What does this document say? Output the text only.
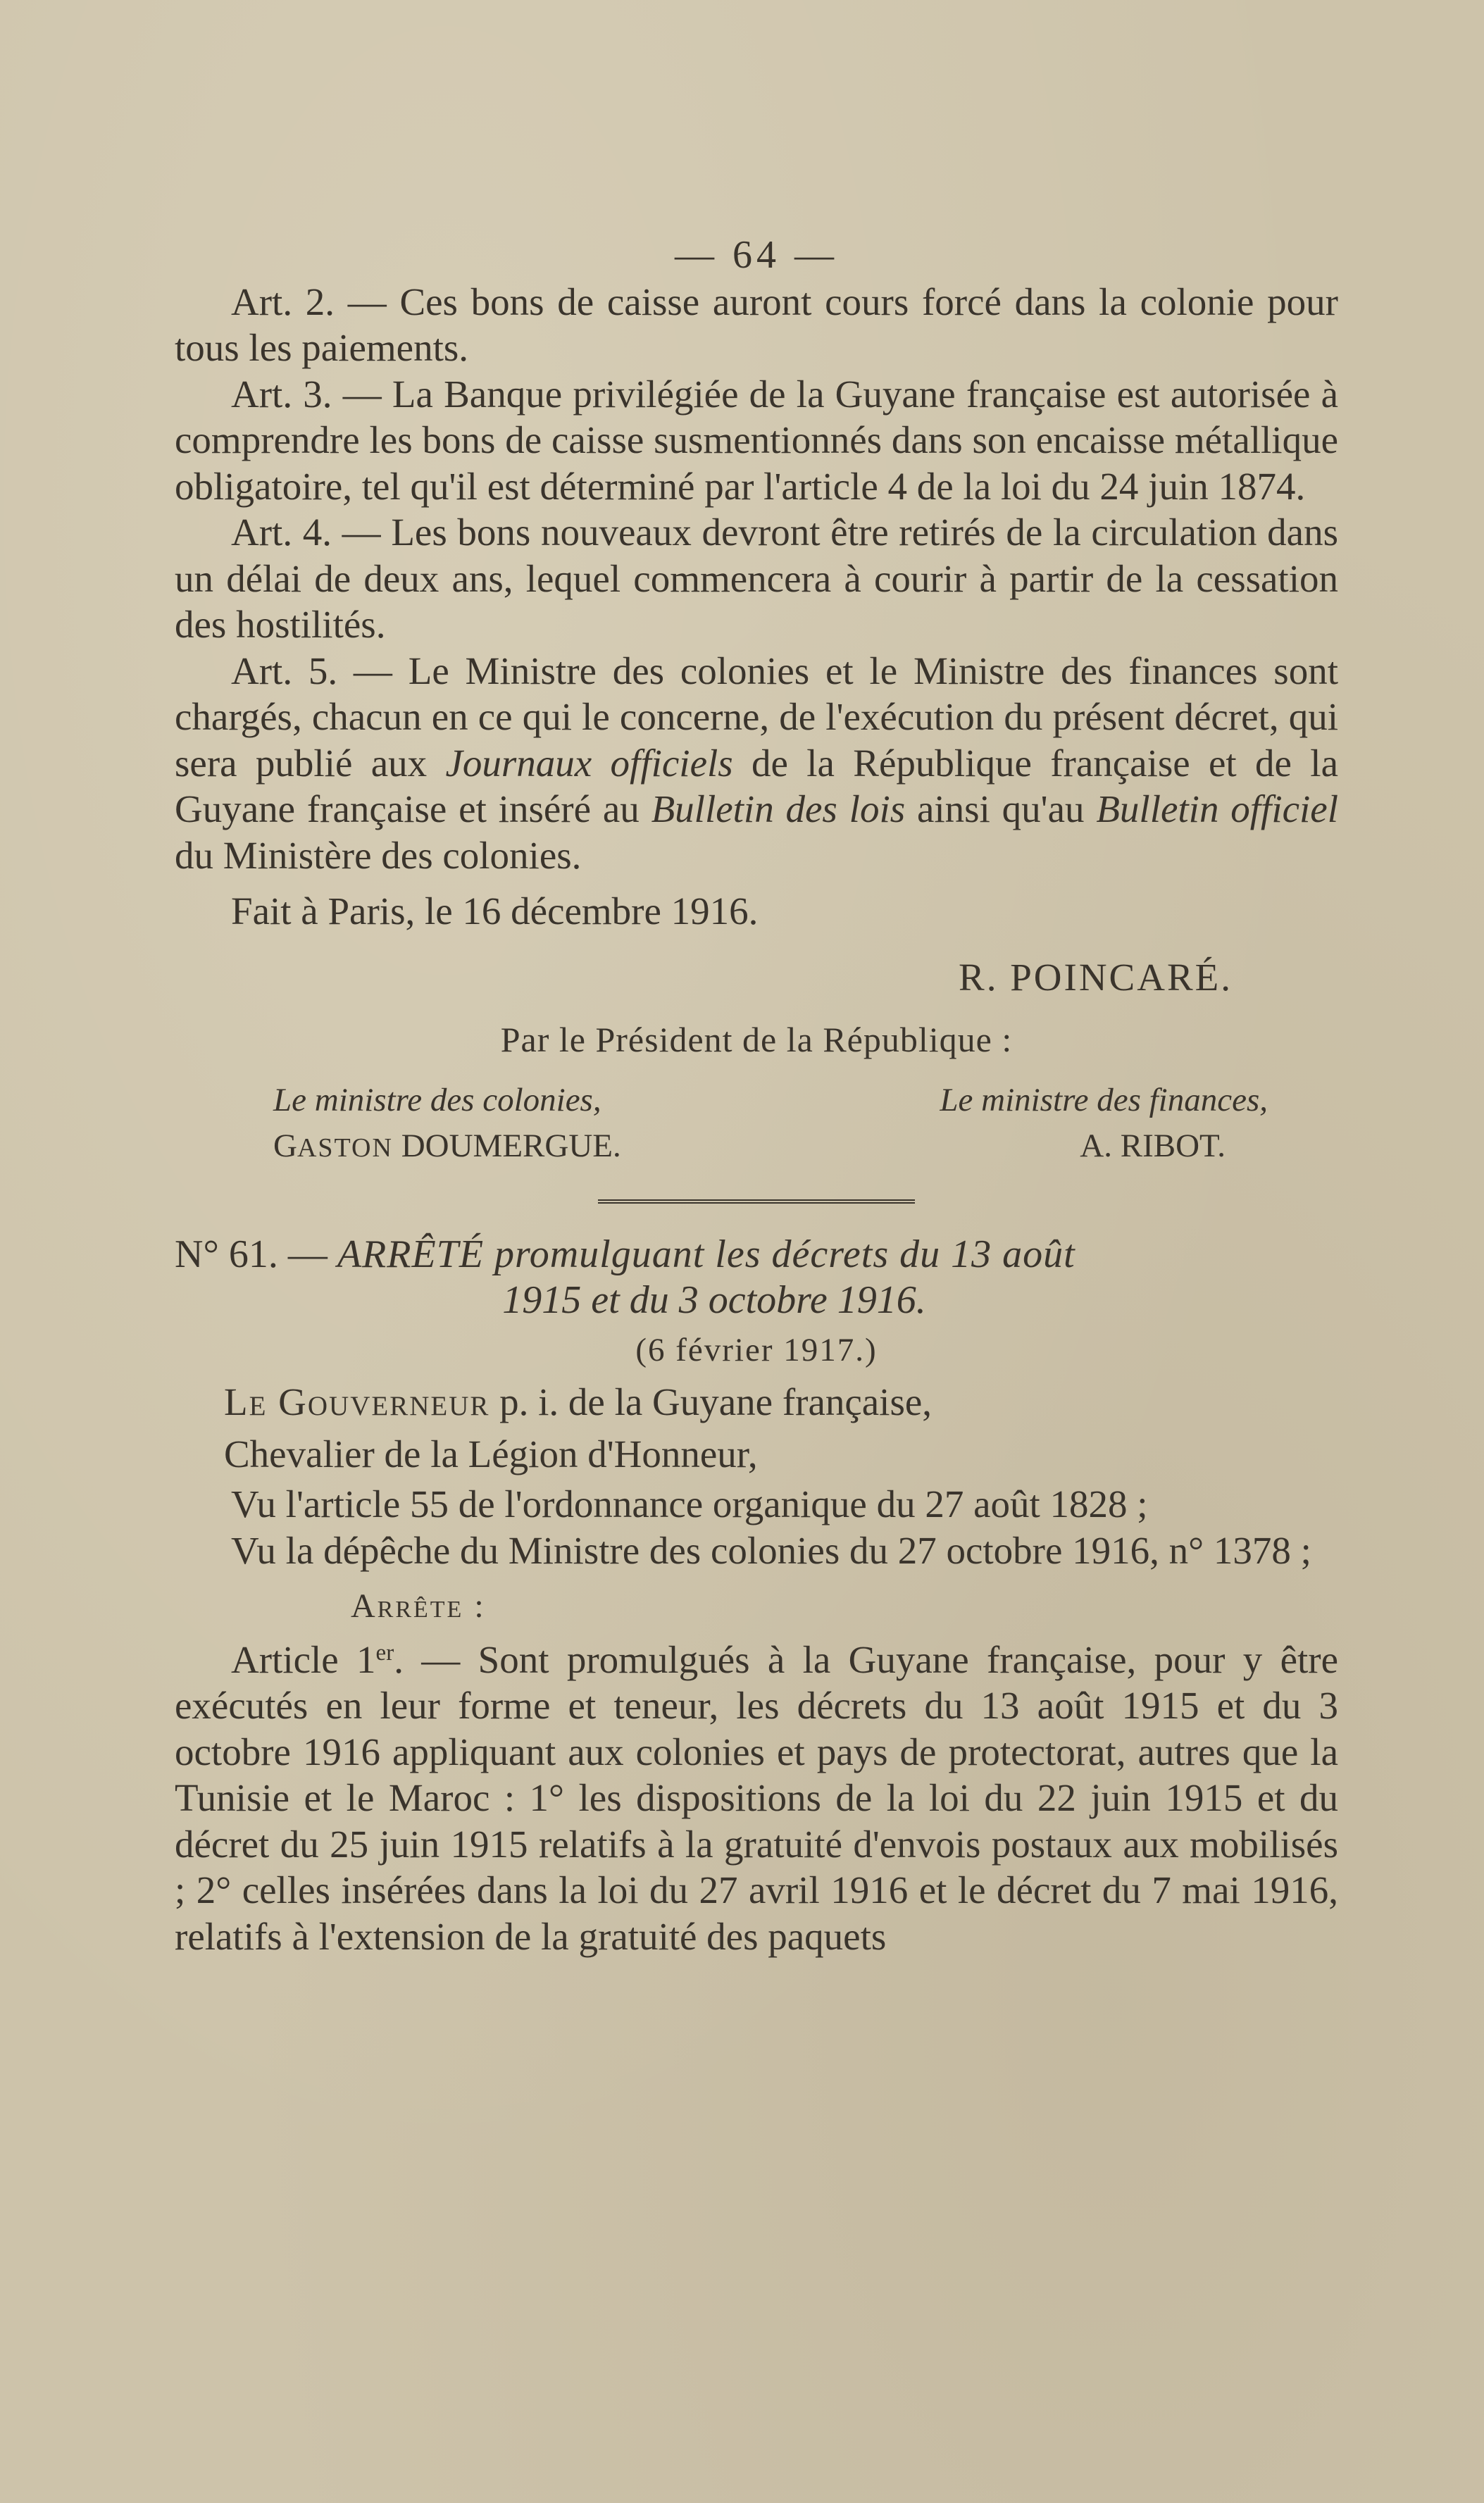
— 64 —

Art. 2. — Ces bons de caisse auront cours forcé dans la colonie pour tous les paiements.

Art. 3. — La Banque privilégiée de la Guyane française est autorisée à comprendre les bons de caisse susmentionnés dans son encaisse métallique obligatoire, tel qu'il est déterminé par l'article 4 de la loi du 24 juin 1874.

Art. 4. — Les bons nouveaux devront être retirés de la circulation dans un délai de deux ans, lequel commencera à courir à partir de la cessation des hostilités.

Art. 5. — Le Ministre des colonies et le Ministre des finances sont chargés, chacun en ce qui le concerne, de l'exécution du présent décret, qui sera publié aux Journaux officiels de la République française et de la Guyane française et inséré au Bulletin des lois ainsi qu'au Bulletin officiel du Ministère des colonies.

Fait à Paris, le 16 décembre 1916.

R. POINCARÉ.

Par le Président de la République :

Le ministre des colonies,
GASTON DOUMERGUE.
Le ministre des finances,
A. RIBOT.

N° 61. — ARRÊTÉ promulguant les décrets du 13 août

1915 et du 3 octobre 1916.

(6 février 1917.)

Le Gouverneur p. i. de la Guyane française,

Chevalier de la Légion d'Honneur,

Vu l'article 55 de l'ordonnance organique du 27 août 1828 ;

Vu la dépêche du Ministre des colonies du 27 octobre 1916, n° 1378 ;

Arrête :

Article 1er. — Sont promulgués à la Guyane française, pour y être exécutés en leur forme et teneur, les décrets du 13 août 1915 et du 3 octobre 1916 appliquant aux colonies et pays de protectorat, autres que la Tunisie et le Maroc : 1° les dispositions de la loi du 22 juin 1915 et du décret du 25 juin 1915 relatifs à la gratuité d'envois postaux aux mobilisés ; 2° celles insérées dans la loi du 27 avril 1916 et le décret du 7 mai 1916, relatifs à l'extension de la gratuité des paquets
